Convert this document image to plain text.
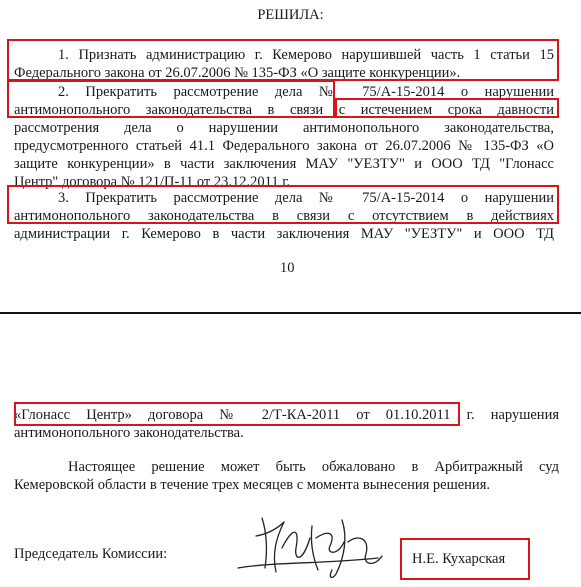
РЕШИЛА:
1. Признать администрацию г. Кемерово нарушившей часть 1 статьи 15
Федерального закона от 26.07.2006 № 135-ФЗ «О защите конкуренции».
2. Прекратить рассмотрение дела № 75/А-15-2014 о нарушении
антимонопольного законодательства в связи с истечением срока давности
рассмотрения дела о нарушении антимонопольного законодательства,
предусмотренного статьей 41.1 Федерального закона от 26.07.2006 № 135-ФЗ «О
защите конкуренции» в части заключения МАУ "УЕЗТУ" и ООО ТД "Глонасс
Центр" договора № 121/П-11 от 23.12.2011 г.
3. Прекратить рассмотрение дела № 75/А-15-2014 о нарушении
антимонопольного законодательства в связи с отсутствием в действиях
администрации г. Кемерово в части заключения МАУ "УЕЗТУ" и ООО ТД
10
«Глонасс Центр» договора № 2/Т-КА-2011 от 01.10.2011 г. нарушения
антимонопольного законодательства.
Настоящее решение может быть обжаловано в Арбитражный суд
Кемеровской области в течение трех месяцев с момента вынесения решения.
Председатель Комиссии:	Н.Е. Кухарская
